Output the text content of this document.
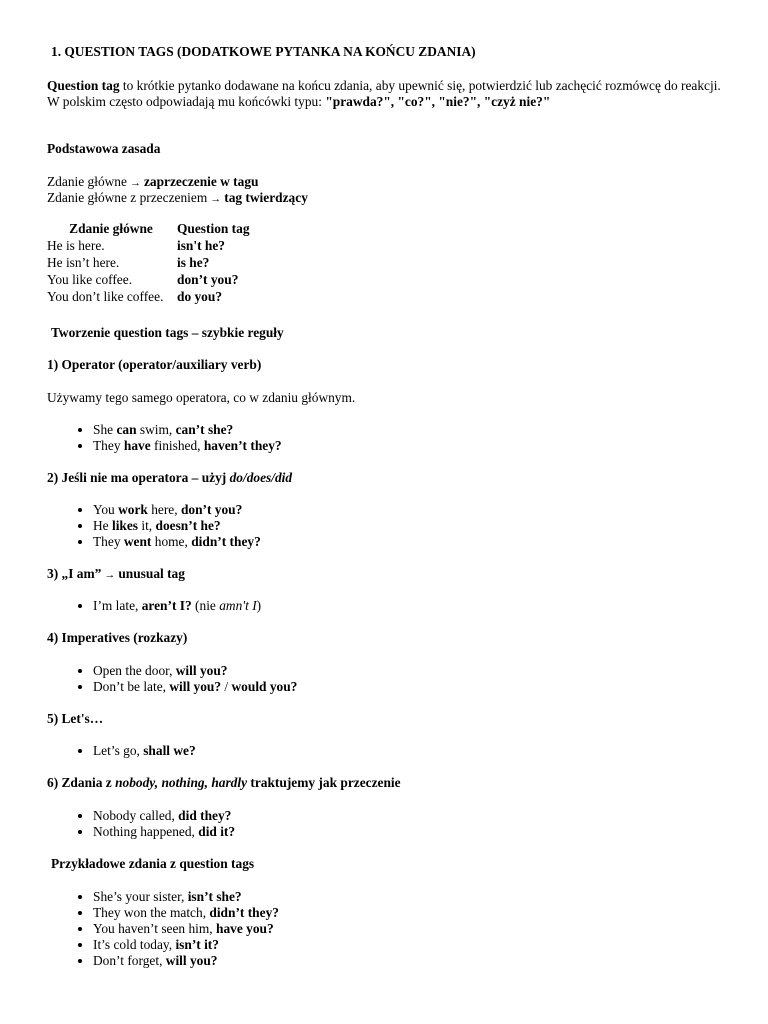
1. QUESTION TAGS (DODATKOWE PYTANKA NA KOŃCU ZDANIA)
Question tag to krótkie pytanko dodawane na końcu zdania, aby upewnić się, potwierdzić lub zachęcić rozmówcę do reakcji.
W polskim często odpowiadają mu końcówki typu: "prawda?", "co?", "nie?", "czyż nie?"
Podstawowa zasada
Zdanie główne → zaprzeczenie w tagu
Zdanie główne z przeczeniem → tag twierdzący
Zdanie główne	Question tag
He is here.	isn't he?
He isn’t here.	is he?
You like coffee.	don’t you?
You don’t like coffee.	do you?
Tworzenie question tags – szybkie reguły
1) Operator (operator/auxiliary verb)
Używamy tego samego operatora, co w zdaniu głównym.
• She can swim, can’t she?
• They have finished, haven’t they?
2) Jeśli nie ma operatora – użyj do/does/did
• You work here, don’t you?
• He likes it, doesn’t he?
• They went home, didn’t they?
3) „I am” → unusual tag
• I’m late, aren’t I? (nie amn't I)
4) Imperatives (rozkazy)
• Open the door, will you?
• Don’t be late, will you? / would you?
5) Let's…
• Let’s go, shall we?
6) Zdania z nobody, nothing, hardly traktujemy jak przeczenie
• Nobody called, did they?
• Nothing happened, did it?
Przykładowe zdania z question tags
• She’s your sister, isn’t she?
• They won the match, didn’t they?
• You haven’t seen him, have you?
• It’s cold today, isn’t it?
• Don’t forget, will you?
